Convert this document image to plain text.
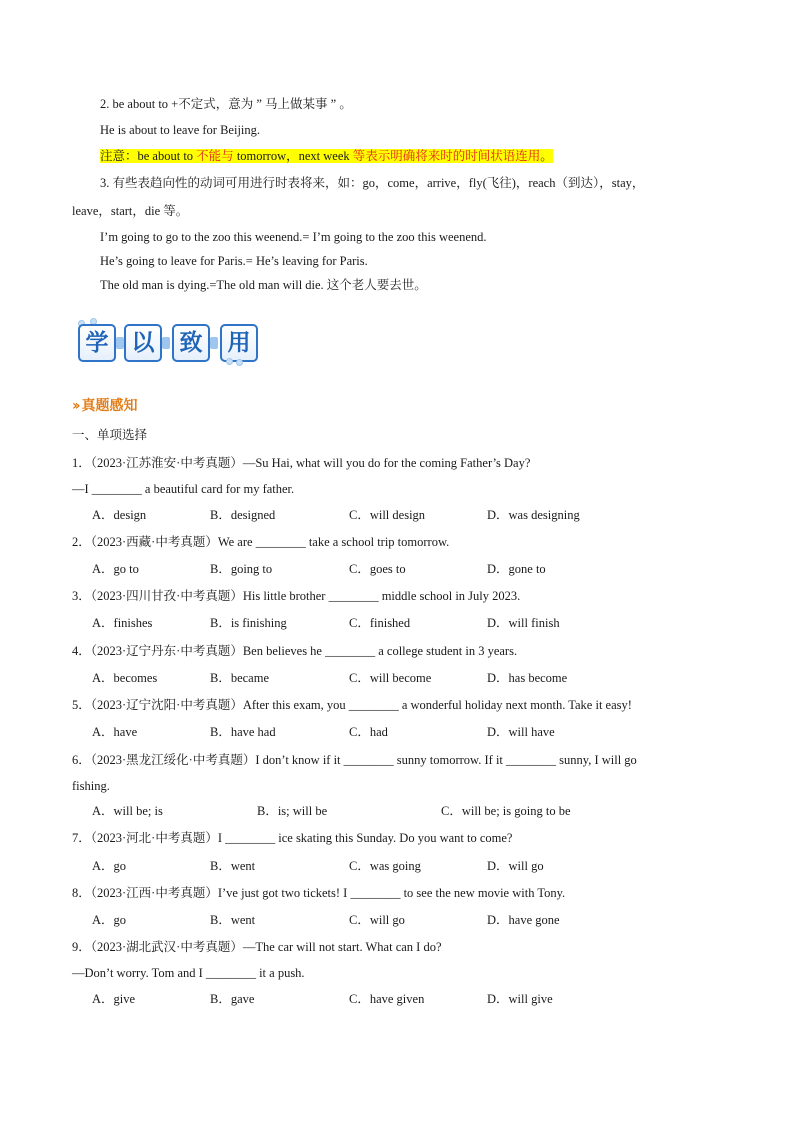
2. be about to +不定式，意为 ” 马上做某事 ” 。
He is about to leave for Beijing.
注意：be about to 不能与 tomorrow，next week 等表示明确将来时的时间状语连用。
3. 有些表趋向性的动词可用进行时表将来，如：go，come，arrive，fly(飞往)，reach（到达），stay，
leave，start，die 等。
I’m going to go to the zoo this weenend.= I’m going to the zoo this weenend.
He’s going to leave for Paris.= He’s leaving for Paris.
The old man is dying.=The old man will die. 这个老人要去世。
学	以	致	用
›› 真题感知
一、单项选择
1．（2023·江苏淮安·中考真题）—Su Hai, what will you do for the coming Father’s Day?
—I ________ a beautiful card for my father.
A．design	B．designed	C．will design	D．was designing
2．（2023·西藏·中考真题）We are ________ take a school trip tomorrow.
A．go to	B．going to	C．goes to	D．gone to
3．（2023·四川甘孜·中考真题）His little brother ________ middle school in July 2023.
A．finishes	B．is finishing	C．finished	D．will finish
4．（2023·辽宁丹东·中考真题）Ben believes he ________ a college student in 3 years.
A．becomes	B．became	C．will become	D．has become
5．（2023·辽宁沈阳·中考真题）After this exam, you ________ a wonderful holiday next month. Take it easy!
A．have	B．have had	C．had	D．will have
6．（2023·黑龙江绥化·中考真题）I don’t know if it ________ sunny tomorrow. If it ________ sunny, I will go
fishing.
A．will be; is	B．is; will be	C．will be; is going to be
7．（2023·河北·中考真题）I ________ ice skating this Sunday. Do you want to come?
A．go	B．went	C．was going	D．will go
8．（2023·江西·中考真题）I’ve just got two tickets! I ________ to see the new movie with Tony.
A．go	B．went	C．will go	D．have gone
9．（2023·湖北武汉·中考真题）—The car will not start. What can I do?
—Don’t worry. Tom and I ________ it a push.
A．give	B．gave	C．have given	D．will give
